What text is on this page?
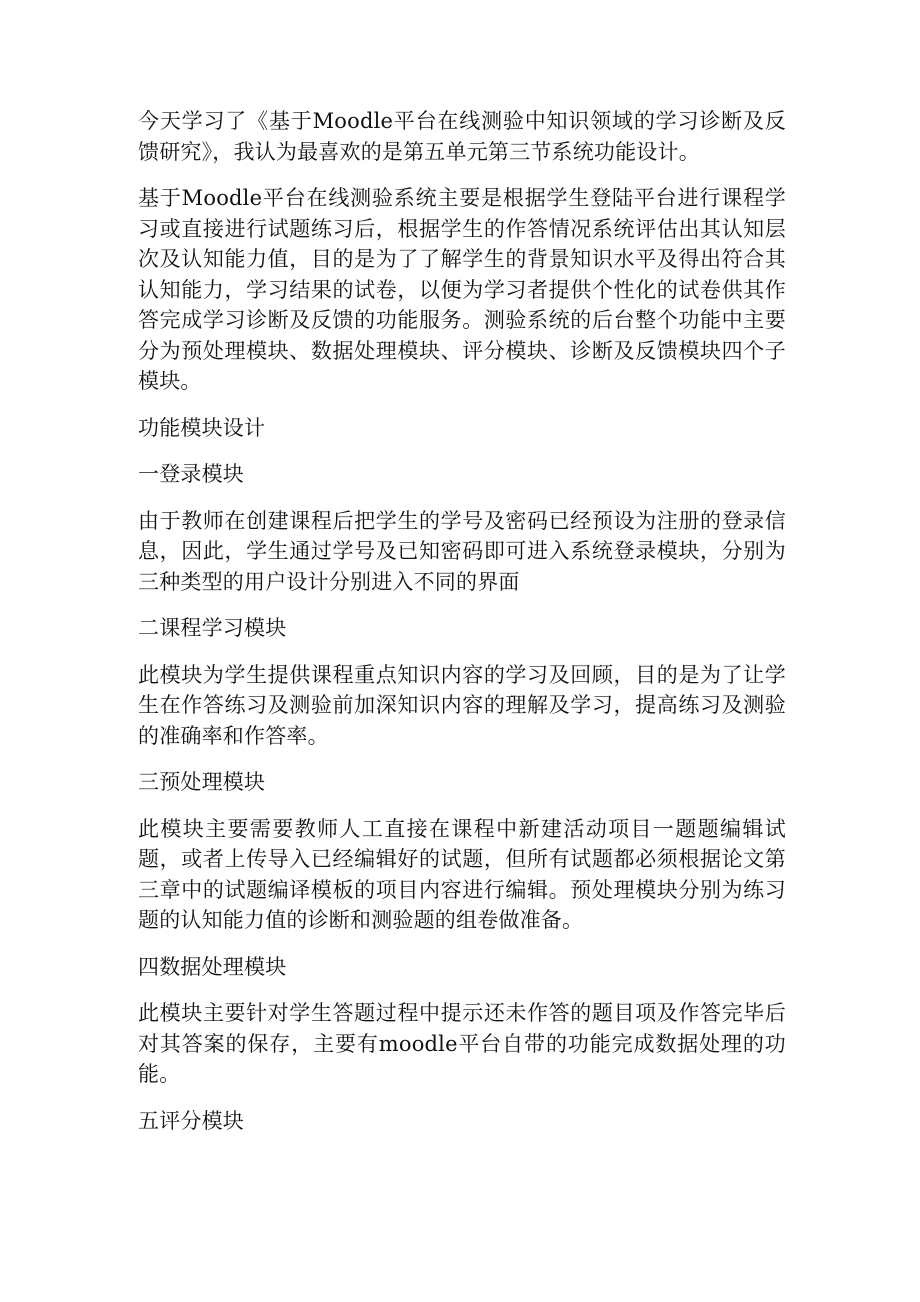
今天学习了《基于Moodle平台在线测验中知识领域的学习诊断及反馈研究》，我认为最喜欢的是第五单元第三节系统功能设计。

基于Moodle平台在线测验系统主要是根据学生登陆平台进行课程学习或直接进行试题练习后，根据学生的作答情况系统评估出其认知层次及认知能力值，目的是为了了解学生的背景知识水平及得出符合其认知能力，学习结果的试卷，以便为学习者提供个性化的试卷供其作答完成学习诊断及反馈的功能服务。测验系统的后台整个功能中主要分为预处理模块、数据处理模块、评分模块、诊断及反馈模块四个子模块。

功能模块设计

一登录模块

由于教师在创建课程后把学生的学号及密码已经预设为注册的登录信息，因此，学生通过学号及已知密码即可进入系统登录模块，分别为三种类型的用户设计分别进入不同的界面

二课程学习模块

此模块为学生提供课程重点知识内容的学习及回顾，目的是为了让学生在作答练习及测验前加深知识内容的理解及学习，提高练习及测验的准确率和作答率。

三预处理模块

此模块主要需要教师人工直接在课程中新建活动项目一题题编辑试题，或者上传导入已经编辑好的试题，但所有试题都必须根据论文第三章中的试题编译模板的项目内容进行编辑。预处理模块分别为练习题的认知能力值的诊断和测验题的组卷做准备。

四数据处理模块

此模块主要针对学生答题过程中提示还未作答的题目项及作答完毕后对其答案的保存，主要有moodle平台自带的功能完成数据处理的功能。

五评分模块
